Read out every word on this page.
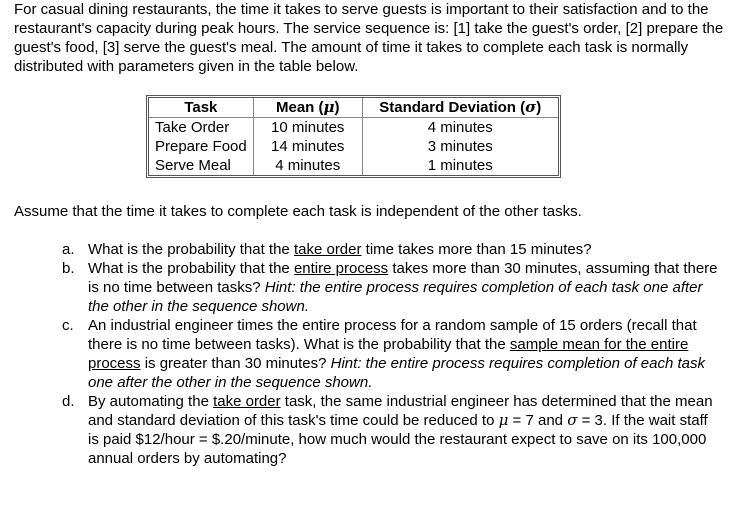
For casual dining restaurants, the time it takes to serve guests is important to their satisfaction and to the restaurant's capacity during peak hours. The service sequence is: [1] take the guest's order, [2] prepare the guest's food, [3] serve the guest's meal. The amount of time it takes to complete each task is normally distributed with parameters given in the table below.

Task	Mean (μ)	Standard Deviation (σ)
Take Order	10 minutes	4 minutes
Prepare Food	14 minutes	3 minutes
Serve Meal	4 minutes	1 minutes

Assume that the time it takes to complete each task is independent of the other tasks.

a. What is the probability that the take order time takes more than 15 minutes?
b. What is the probability that the entire process takes more than 30 minutes, assuming that there is no time between tasks? Hint: the entire process requires completion of each task one after the other in the sequence shown.
c. An industrial engineer times the entire process for a random sample of 15 orders (recall that there is no time between tasks). What is the probability that the sample mean for the entire process is greater than 30 minutes? Hint: the entire process requires completion of each task one after the other in the sequence shown.
d. By automating the take order task, the same industrial engineer has determined that the mean and standard deviation of this task's time could be reduced to μ = 7 and σ = 3. If the wait staff is paid $12/hour = $.20/minute, how much would the restaurant expect to save on its 100,000 annual orders by automating?
